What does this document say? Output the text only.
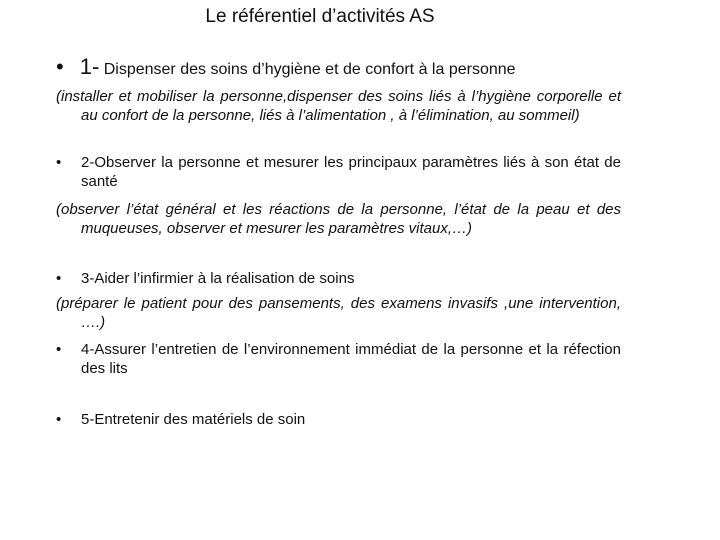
Le référentiel d’activités AS
• 1- Dispenser des soins d’hygiène et de confort à la personne
(installer et mobiliser la personne,dispenser des soins liés à l’hygiène corporelle et au confort de la personne, liés à l’alimentation , à l’élimination, au sommeil)
• 2-Observer la personne et mesurer les principaux paramètres liés à son état de santé
(observer l’état général et les réactions de la personne, l’état de la peau et des muqueuses, observer et mesurer les paramètres vitaux,…)
• 3-Aider l’infirmier à la réalisation de soins
(préparer le patient pour des pansements, des examens invasifs ,une intervention, ….)
• 4-Assurer l’entretien de l’environnement immédiat de la personne et la réfection des lits
• 5-Entretenir des matériels de soin
